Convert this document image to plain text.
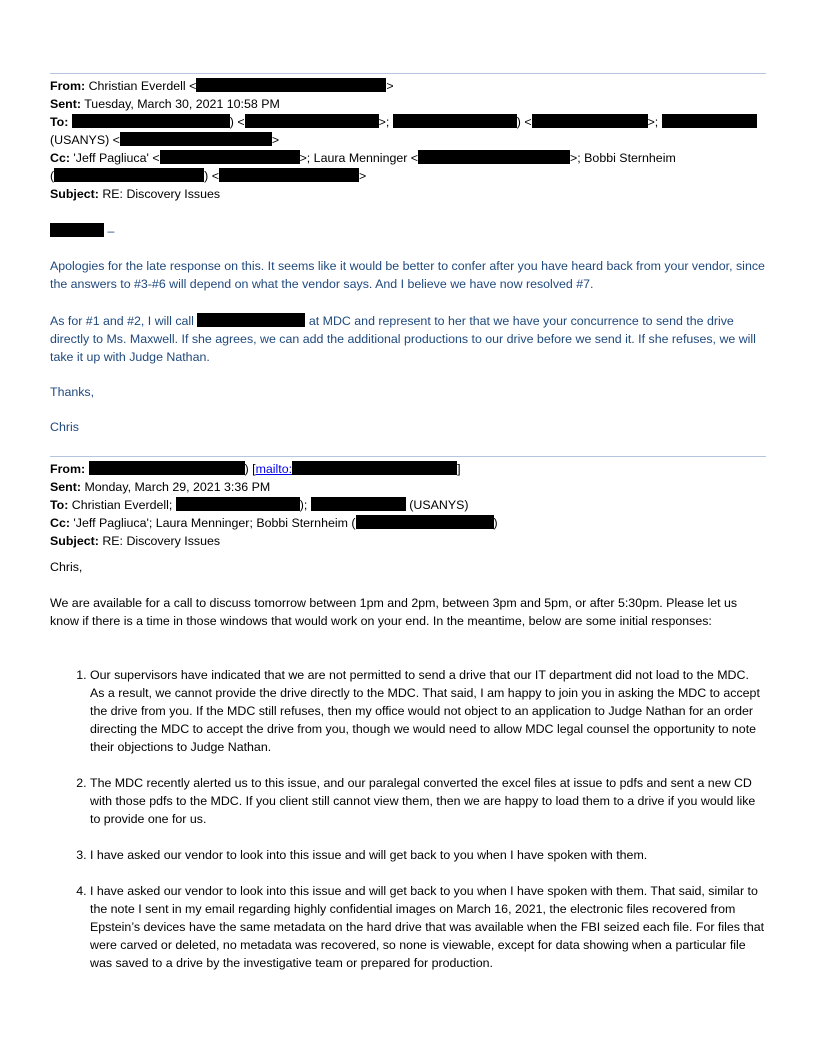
From: Christian Everdell <	>
Sent: Tuesday, March 30, 2021 10:58 PM
To:	) <	>;	) <	>;
(USANYS) <	>
Cc: 'Jeff Pagliuca' <	>; Laura Menninger <	>; Bobbi Sternheim
(	) <	>
Subject: RE: Discovery Issues
–

Apologies for the late response on this. It seems like it would be better to confer after you have heard back from your vendor, since the answers to #3-#6 will depend on what the vendor says. And I believe we have now resolved #7.

As for #1 and #2, I will call	at MDC and represent to her that we have your concurrence to send the drive directly to Ms. Maxwell. If she agrees, we can add the additional productions to our drive before we send it. If she refuses, we will take it up with Judge Nathan.

Thanks,
Chris
From:	) [mailto:	]
Sent: Monday, March 29, 2021 3:36 PM
To: Christian Everdell;	);	(USANYS)
Cc: 'Jeff Pagliuca'; Laura Menninger; Bobbi Sternheim (	)
Subject: RE: Discovery Issues
Chris,

We are available for a call to discuss tomorrow between 1pm and 2pm, between 3pm and 5pm, or after 5:30pm. Please let us know if there is a time in those windows that would work on your end. In the meantime, below are some initial responses:

1. Our supervisors have indicated that we are not permitted to send a drive that our IT department did not load to the MDC. As a result, we cannot provide the drive directly to the MDC. That said, I am happy to join you in asking the MDC to accept the drive from you. If the MDC still refuses, then my office would not object to an application to Judge Nathan for an order directing the MDC to accept the drive from you, though we would need to allow MDC legal counsel the opportunity to note their objections to Judge Nathan.
2. The MDC recently alerted us to this issue, and our paralegal converted the excel files at issue to pdfs and sent a new CD with those pdfs to the MDC. If you client still cannot view them, then we are happy to load them to a drive if you would like to provide one for us.
3. I have asked our vendor to look into this issue and will get back to you when I have spoken with them.
4. I have asked our vendor to look into this issue and will get back to you when I have spoken with them. That said, similar to the note I sent in my email regarding highly confidential images on March 16, 2021, the electronic files recovered from Epstein’s devices have the same metadata on the hard drive that was available when the FBI seized each file. For files that were carved or deleted, no metadata was recovered, so none is viewable, except for data showing when a particular file was saved to a drive by the investigative team or prepared for production.
